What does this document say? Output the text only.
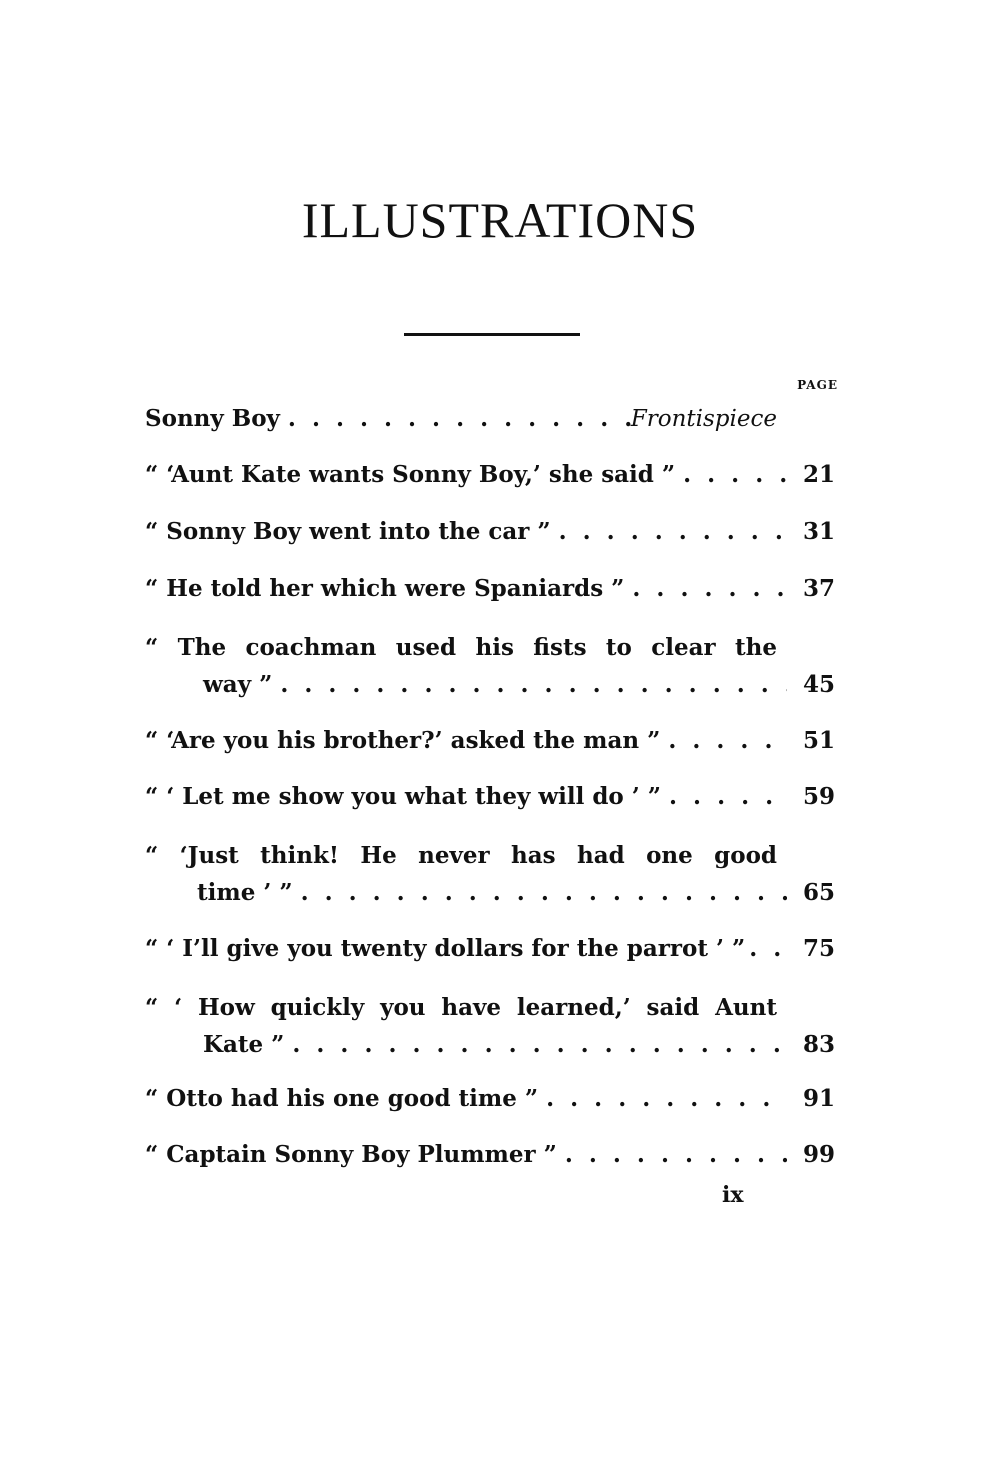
ILLUSTRATIONS
PAGE
Sonny Boy . .	Frontispiece
“ ‘Aunt Kate wants Sonny Boy,’ she said ” . .	21
“ Sonny Boy went into the car ” . .	31
“ He told her which were Spaniards ” . .	37
“ The coachman used his fists to clear the
way ” . .	45
“ ‘Are you his brother?’ asked the man ” . .	51
“ ‘ Let me show you what they will do ’ ” . .	59
“ ‘Just think! He never has had one good
time ’ ” . .	65
“ ‘ I’ll give you twenty dollars for the parrot ’ ” . .	75
“ ‘ How quickly you have learned,’ said Aunt
Kate ” . .	83
“ Otto had his one good time ” . .	91
“ Captain Sonny Boy Plummer ” . .	99
ix
